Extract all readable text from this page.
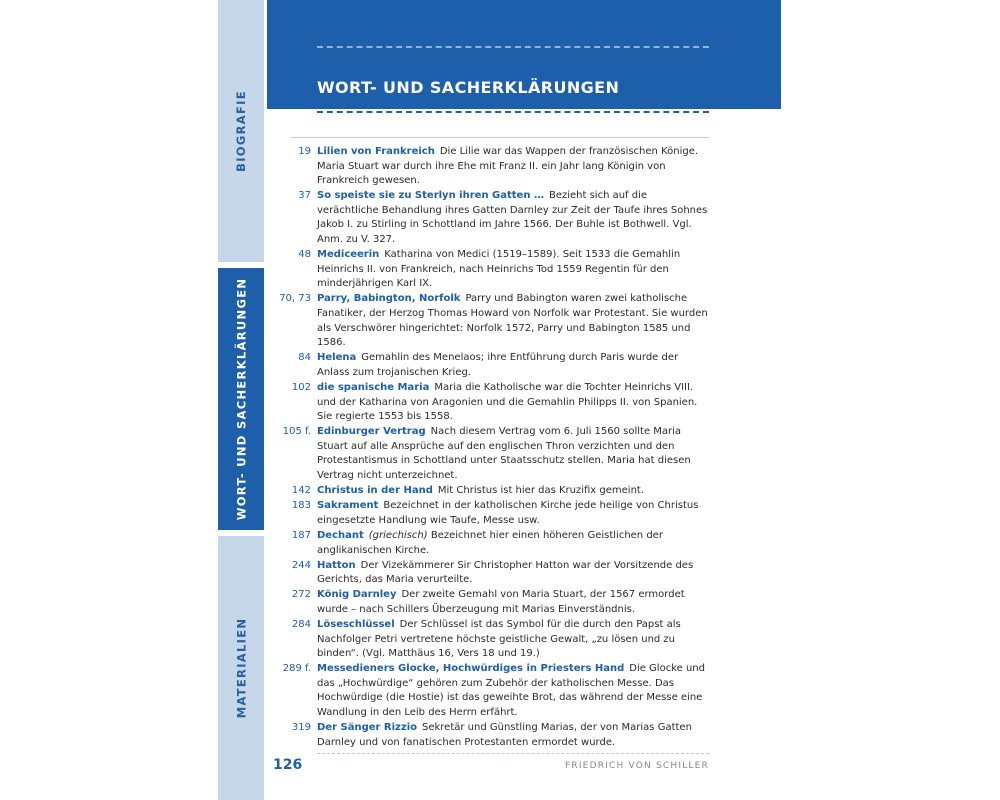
BIOGRAFIE
WORT- UND SACHERKLÄRUNGEN
MATERIALIEN
WORT- UND SACHERKLÄRUNGEN
19 Lilien von Frankreich  Die Lilie war das Wappen der französischen Könige. Maria Stuart war durch ihre Ehe mit Franz II. ein Jahr lang Königin von Frankreich gewesen.
37 So speiste sie zu Sterlyn ihren Gatten …  Bezieht sich auf die verächtliche Behandlung ihres Gatten Darnley zur Zeit der Taufe ihres Sohnes Jakob I. zu Stirling in Schottland im Jahre 1566. Der Buhle ist Bothwell. Vgl. Anm. zu V. 327.
48 Mediceerin  Katharina von Medici (1519–1589). Seit 1533 die Gemahlin Heinrichs II. von Frankreich, nach Heinrichs Tod 1559 Regentin für den minderjährigen Karl IX.
70, 73 Parry, Babington, Norfolk  Parry und Babington waren zwei katholische Fanatiker, der Herzog Thomas Howard von Norfolk war Protestant. Sie wurden als Verschwörer hingerichtet: Norfolk 1572, Parry und Babington 1585 und 1586.
84 Helena  Gemahlin des Menelaos; ihre Entführung durch Paris wurde der Anlass zum trojanischen Krieg.
102 die spanische Maria  Maria die Katholische war die Tochter Heinrichs VIII. und der Katharina von Aragonien und die Gemahlin Philipps II. von Spanien. Sie regierte 1553 bis 1558.
105 f. Edinburger Vertrag  Nach diesem Vertrag vom 6. Juli 1560 sollte Maria Stuart auf alle Ansprüche auf den englischen Thron verzichten und den Protestantismus in Schottland unter Staatsschutz stellen. Maria hat diesen Vertrag nicht unterzeichnet.
142 Christus in der Hand  Mit Christus ist hier das Kruzifix gemeint.
183 Sakrament  Bezeichnet in der katholischen Kirche jede heilige von Christus eingesetzte Handlung wie Taufe, Messe usw.
187 Dechant  (griechisch) Bezeichnet hier einen höheren Geistlichen der anglikanischen Kirche.
244 Hatton  Der Vizekämmerer Sir Christopher Hatton war der Vorsitzende des Gerichts, das Maria verurteilte.
272 König Darnley  Der zweite Gemahl von Maria Stuart, der 1567 ermordet wurde – nach Schillers Überzeugung mit Marias Einverständnis.
284 Löseschlüssel  Der Schlüssel ist das Symbol für die durch den Papst als Nachfolger Petri vertretene höchste geistliche Gewalt, „zu lösen und zu binden“. (Vgl. Matthäus 16, Vers 18 und 19.)
289 f. Messedieners Glocke, Hochwürdiges in Priesters Hand  Die Glocke und das „Hochwürdige“ gehören zum Zubehör der katholischen Messe. Das Hochwürdige (die Hostie) ist das geweihte Brot, das während der Messe eine Wandlung in den Leib des Herrn erfährt.
319 Der Sänger Rizzio  Sekretär und Günstling Marias, der von Marias Gatten Darnley und von fanatischen Protestanten ermordet wurde.
126	FRIEDRICH VON SCHILLER
